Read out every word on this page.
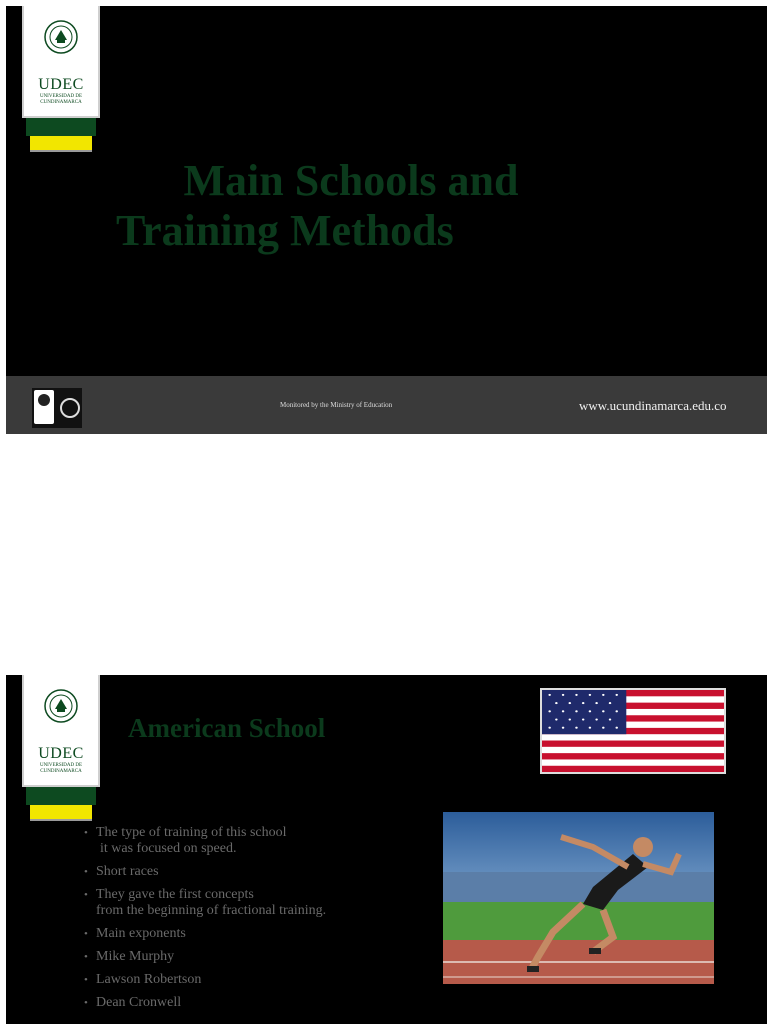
UDEC
UNIVERSIDAD DE
CUNDINAMARCA
Main Schools and
Training Methods
Monitored by the Ministry of Education	www.ucundinamarca.edu.co
UDEC
UNIVERSIDAD DE
CUNDINAMARCA
American School
• The type of training of this school
it was focused on speed.
• Short races
• They gave the first concepts
from the beginning of fractional training.
• Main exponents
• Mike Murphy
• Lawson Robertson
• Dean Cronwell
